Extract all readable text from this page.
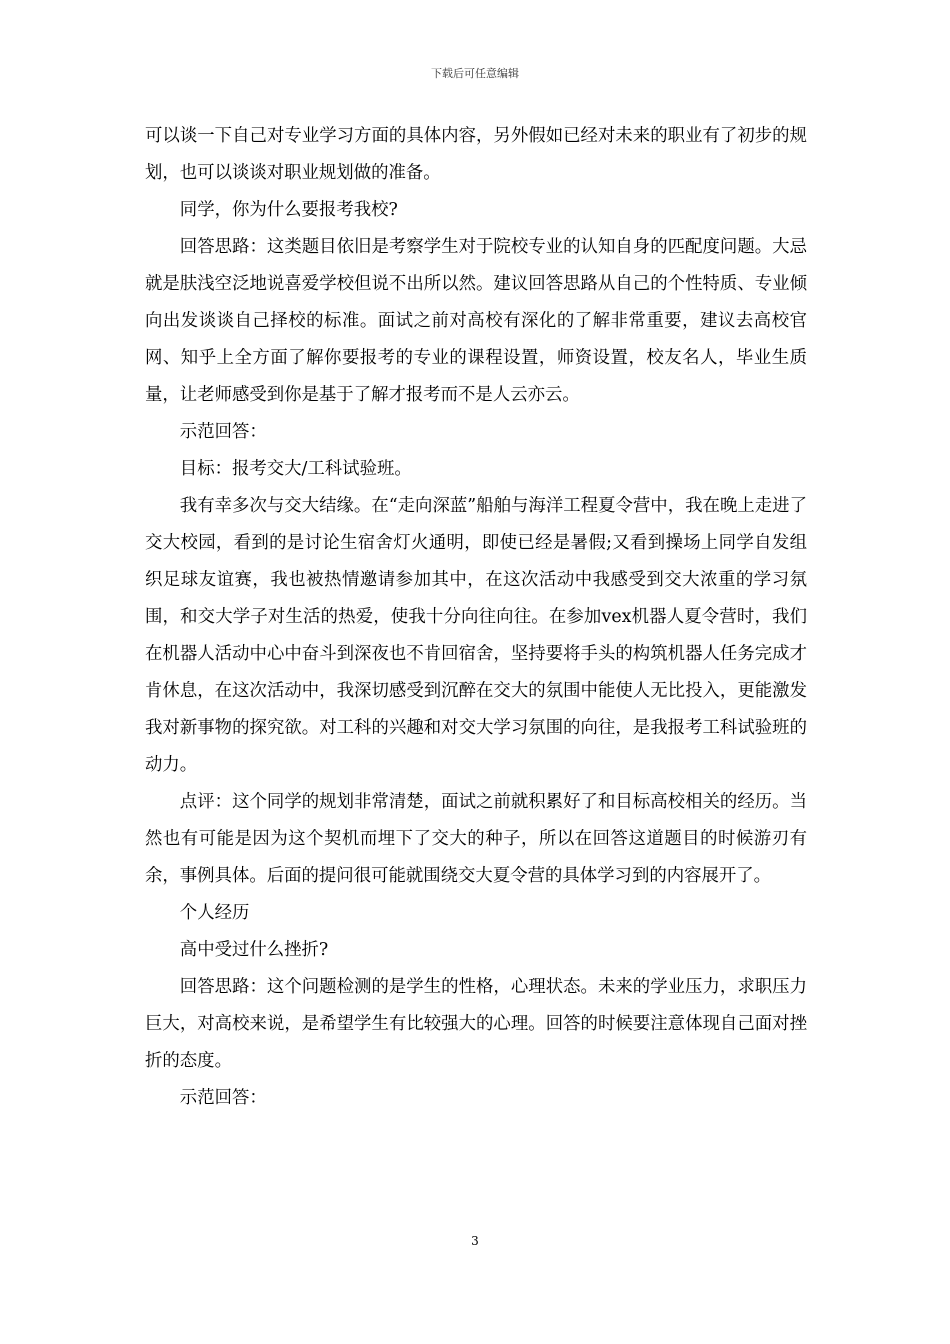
下载后可任意编辑

可以谈一下自己对专业学习方面的具体内容，另外假如已经对未来的职业有了初步的规划，也可以谈谈对职业规划做的准备。

同学，你为什么要报考我校?

回答思路：这类题目依旧是考察学生对于院校专业的认知自身的匹配度问题。大忌就是肤浅空泛地说喜爱学校但说不出所以然。建议回答思路从自己的个性特质、专业倾向出发谈谈自己择校的标准。面试之前对高校有深化的了解非常重要，建议去高校官网、知乎上全方面了解你要报考的专业的课程设置，师资设置，校友名人，毕业生质量，让老师感受到你是基于了解才报考而不是人云亦云。

示范回答：

目标：报考交大/工科试验班。

我有幸多次与交大结缘。在“走向深蓝”船舶与海洋工程夏令营中，我在晚上走进了交大校园，看到的是讨论生宿舍灯火通明，即使已经是暑假;又看到操场上同学自发组织足球友谊赛，我也被热情邀请参加其中，在这次活动中我感受到交大浓重的学习氛围，和交大学子对生活的热爱，使我十分向往向往。在参加vex机器人夏令营时，我们在机器人活动中心中奋斗到深夜也不肯回宿舍，坚持要将手头的构筑机器人任务完成才肯休息，在这次活动中，我深切感受到沉醉在交大的氛围中能使人无比投入，更能激发我对新事物的探究欲。对工科的兴趣和对交大学习氛围的向往，是我报考工科试验班的动力。

点评：这个同学的规划非常清楚，面试之前就积累好了和目标高校相关的经历。当然也有可能是因为这个契机而埋下了交大的种子，所以在回答这道题目的时候游刃有余，事例具体。后面的提问很可能就围绕交大夏令营的具体学习到的内容展开了。

个人经历

高中受过什么挫折?

回答思路：这个问题检测的是学生的性格，心理状态。未来的学业压力，求职压力巨大，对高校来说，是希望学生有比较强大的心理。回答的时候要注意体现自己面对挫折的态度。

示范回答：

3
